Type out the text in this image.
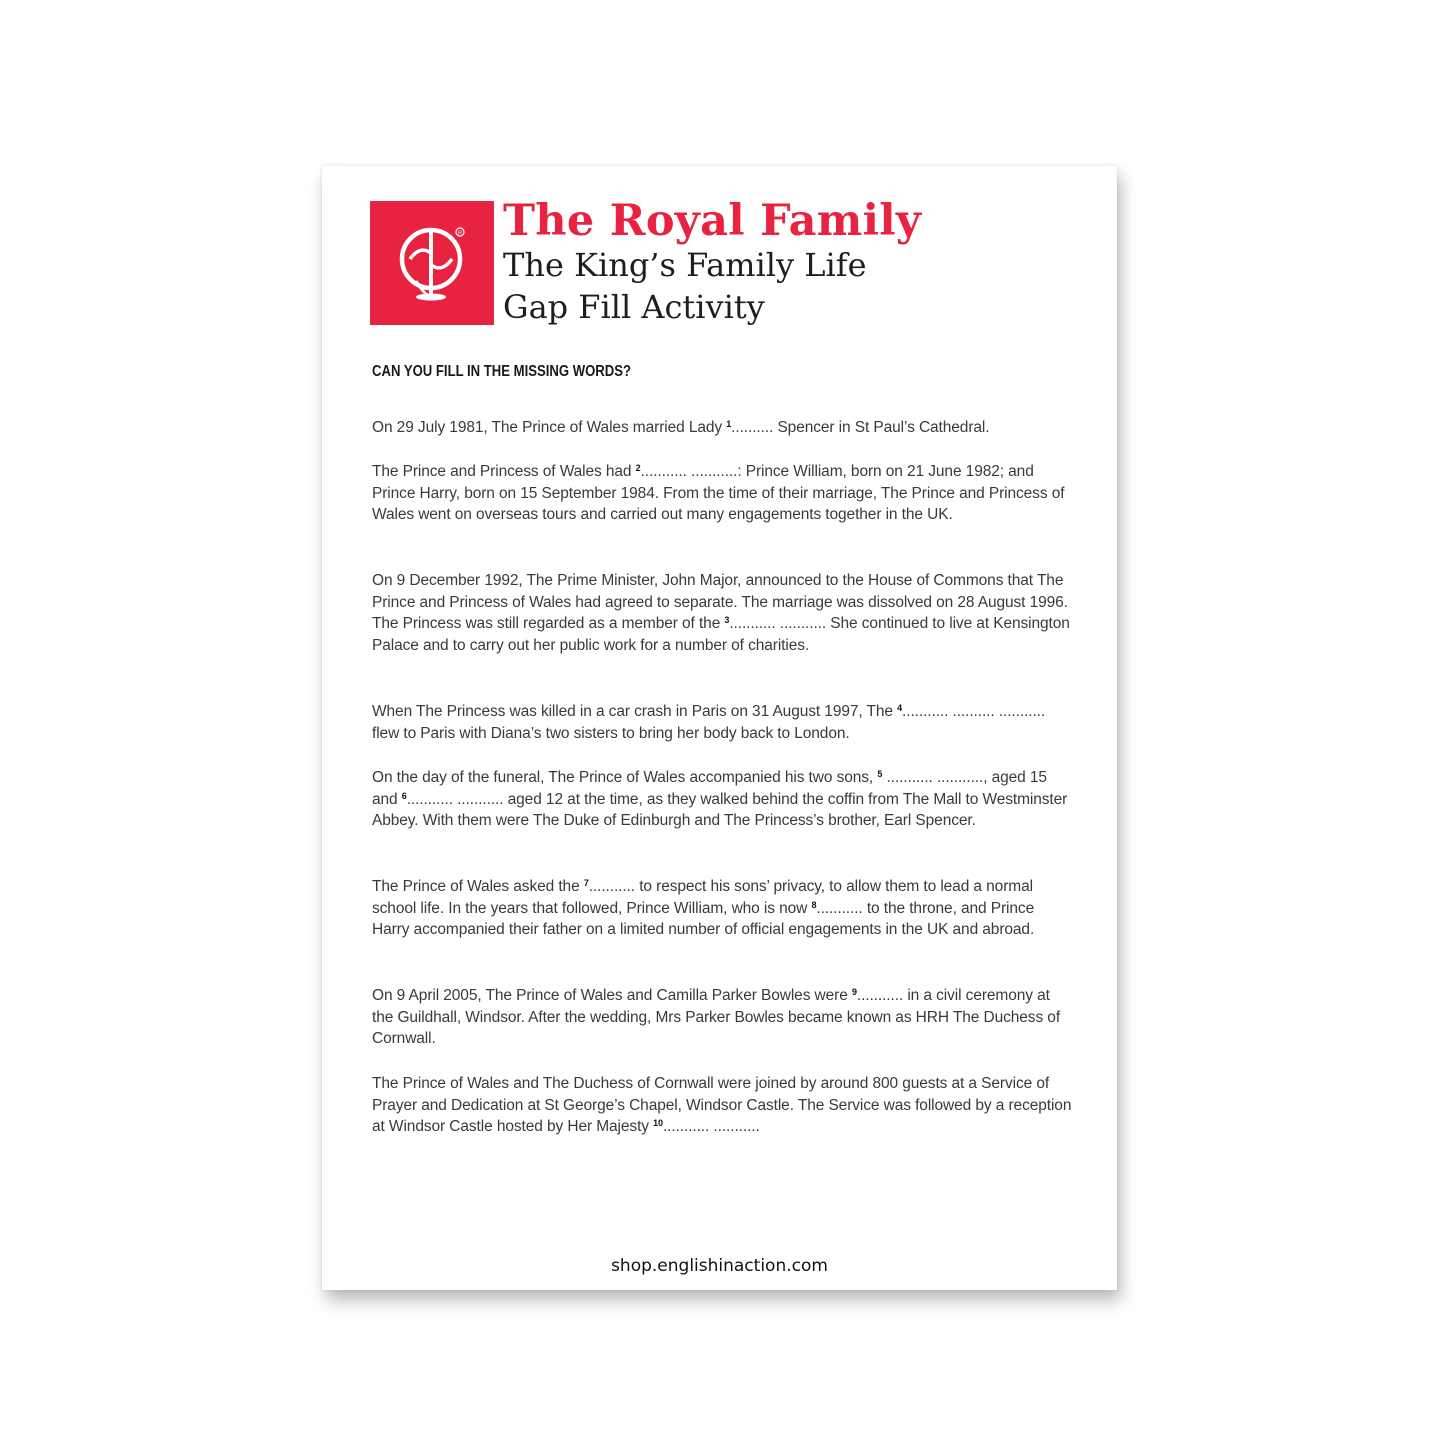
R The Royal Family
The King’s Family Life
Gap Fill Activity

CAN YOU FILL IN THE MISSING WORDS?

On 29 July 1981, The Prince of Wales married Lady $^1$.......... Spencer in St Paul’s Cathedral.

The Prince and Princess of Wales had $^2$........... ...........: Prince William, born on 21 June 1982; and Prince Harry, born on 15 September 1984. From the time of their marriage, The Prince and Princess of Wales went on overseas tours and carried out many engagements together in the UK.

On 9 December 1992, The Prime Minister, John Major, announced to the House of Commons that The Prince and Princess of Wales had agreed to separate. The marriage was dissolved on 28 August 1996. The Princess was still regarded as a member of the $^3$........... ........... She continued to live at Kensington Palace and to carry out her public work for a number of charities.

When The Princess was killed in a car crash in Paris on 31 August 1997, The $^4$........... .......... ........... flew to Paris with Diana’s two sisters to bring her body back to London.

On the day of the funeral, The Prince of Wales accompanied his two sons, $^5$ ........... ..........., aged 15 and $^6$........... ........... aged 12 at the time, as they walked behind the coffin from The Mall to Westminster Abbey. With them were The Duke of Edinburgh and The Princess’s brother, Earl Spencer.

The Prince of Wales asked the $^7$........... to respect his sons’ privacy, to allow them to lead a normal school life. In the years that followed, Prince William, who is now $^8$........... to the throne, and Prince Harry accompanied their father on a limited number of official engagements in the UK and abroad.

On 9 April 2005, The Prince of Wales and Camilla Parker Bowles were $^9$........... in a civil ceremony at the Guildhall, Windsor. After the wedding, Mrs Parker Bowles became known as HRH The Duchess of Cornwall.

The Prince of Wales and The Duchess of Cornwall were joined by around 800 guests at a Service of Prayer and Dedication at St George’s Chapel, Windsor Castle. The Service was followed by a reception at Windsor Castle hosted by Her Majesty $^{10}$........... ...........

shop.englishinaction.com
